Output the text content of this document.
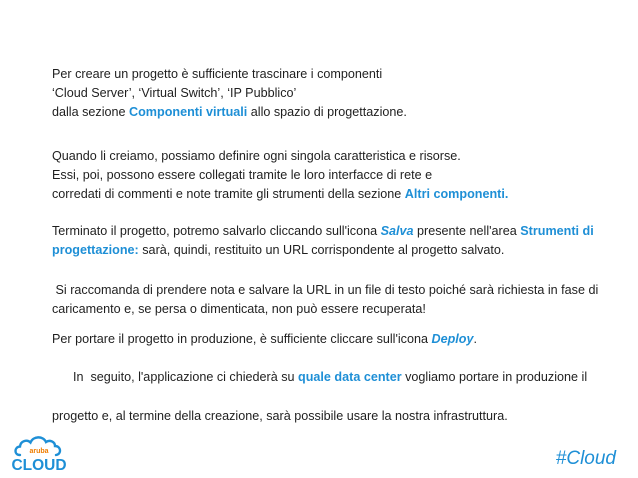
Per creare un progetto è sufficiente trascinare i componenti
‘Cloud Server’, ‘Virtual Switch’, ‘IP Pubblico’
dalla sezione Componenti virtuali allo spazio di progettazione.
Quando li creiamo, possiamo definire ogni singola caratteristica e risorse.
Essi, poi, possono essere collegati tramite le loro interfacce di rete e
corredati di commenti e note tramite gli strumenti della sezione Altri componenti.
Terminato il progetto, potremo salvarlo cliccando sull'icona Salva presente nell'area Strumenti di
progettazione: sarà, quindi, restituito un URL corrispondente al progetto salvato.
Si raccomanda di prendere nota e salvare la URL in un file di testo poiché sarà richiesta in fase di
caricamento e, se persa o dimenticata, non può essere recuperata!
Per portare il progetto in produzione, è sufficiente cliccare sull'icona Deploy.

In  seguito, l'applicazione ci chiederà su quale data center vogliamo portare in produzione il

progetto e, al termine della creazione, sarà possibile usare la nostra infrastruttura.
aruba
CLOUD	#Cloud
